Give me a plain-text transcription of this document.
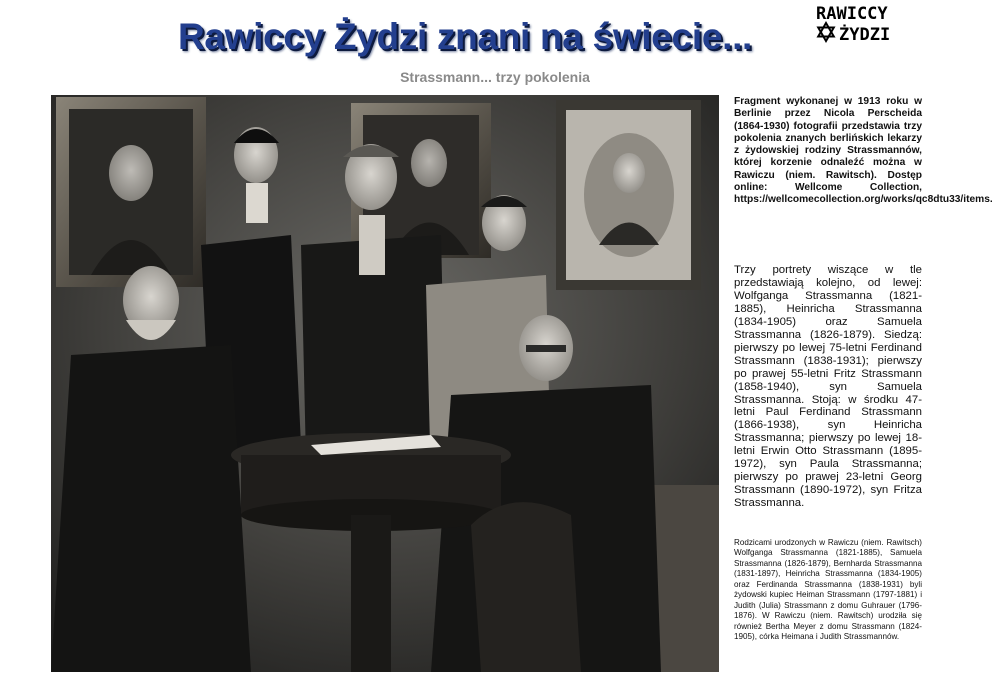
Rawiccy Żydzi znani na świecie...
RAWICCY
ŻYDZI
Strassmann... trzy pokolenia
Fragment wykonanej w 1913 roku w Berlinie przez Nicola Perscheida (1864-1930) fotografii przedstawia trzy pokolenia znanych berlińskich lekarzy z żydowskiej rodziny Strassmannów, której korzenie odnaleźć można w Rawiczu (niem. Rawitsch). Dostęp online: Wellcome Collection, https://wellcomecollection.org/works/qc8dtu33/items.
Trzy portrety wiszące w tle przedstawiają kolejno, od lewej: Wolfganga Strassmanna (1821-1885), Heinricha Strassmanna (1834-1905) oraz Samuela Strassmanna (1826-1879). Siedzą: pierwszy po lewej 75-letni Ferdinand Strassmann (1838-1931); pierwszy po prawej 55-letni Fritz Strassmann (1858-1940), syn Samuela Strassmanna. Stoją: w środku 47-letni Paul Ferdinand Strassmann (1866-1938), syn Heinricha Strassmanna; pierwszy po lewej 18-letni Erwin Otto Strassmann (1895-1972), syn Paula Strassmanna; pierwszy po prawej 23-letni Georg Strassmann (1890-1972), syn Fritza Strassmanna.
Rodzicami urodzonych w Rawiczu (niem. Rawitsch) Wolfganga Strassmanna (1821-1885), Samuela Strassmanna (1826-1879), Bernharda Strassmanna (1831-1897), Heinricha Strassmanna (1834-1905) oraz Ferdinanda Strassmanna (1838-1931) byli żydowski kupiec Heiman Strassmann (1797-1881) i Judith (Julia) Strassmann z domu Guhrauer (1796-1876). W Rawiczu (niem. Rawitsch) urodziła się również Bertha Meyer z domu Strassmann (1824-1905), córka Heimana i Judith Strassmannów.
